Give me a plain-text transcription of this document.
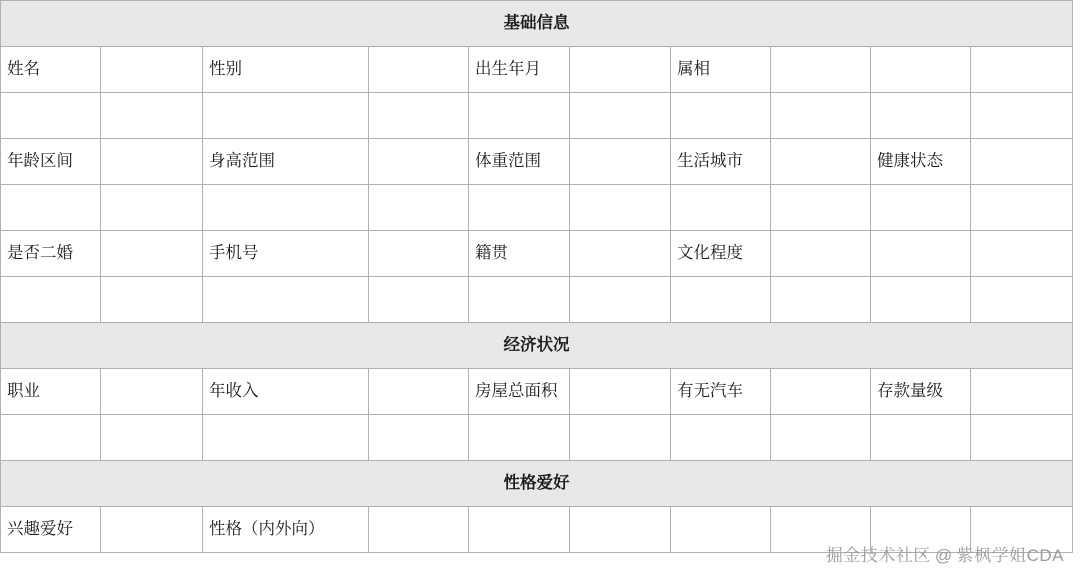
基础信息									
姓名		性别		出生年月		属相			

年龄区间		身高范围		体重范围		生活城市		健康状态	

是否二婚		手机号		籍贯		文化程度			

经济状况									
职业		年收入		房屋总面积		有无汽车		存款量级	

性格爱好									
兴趣爱好		性格（内外向）							
掘金技术社区 @ 紫枫学姐CDA
